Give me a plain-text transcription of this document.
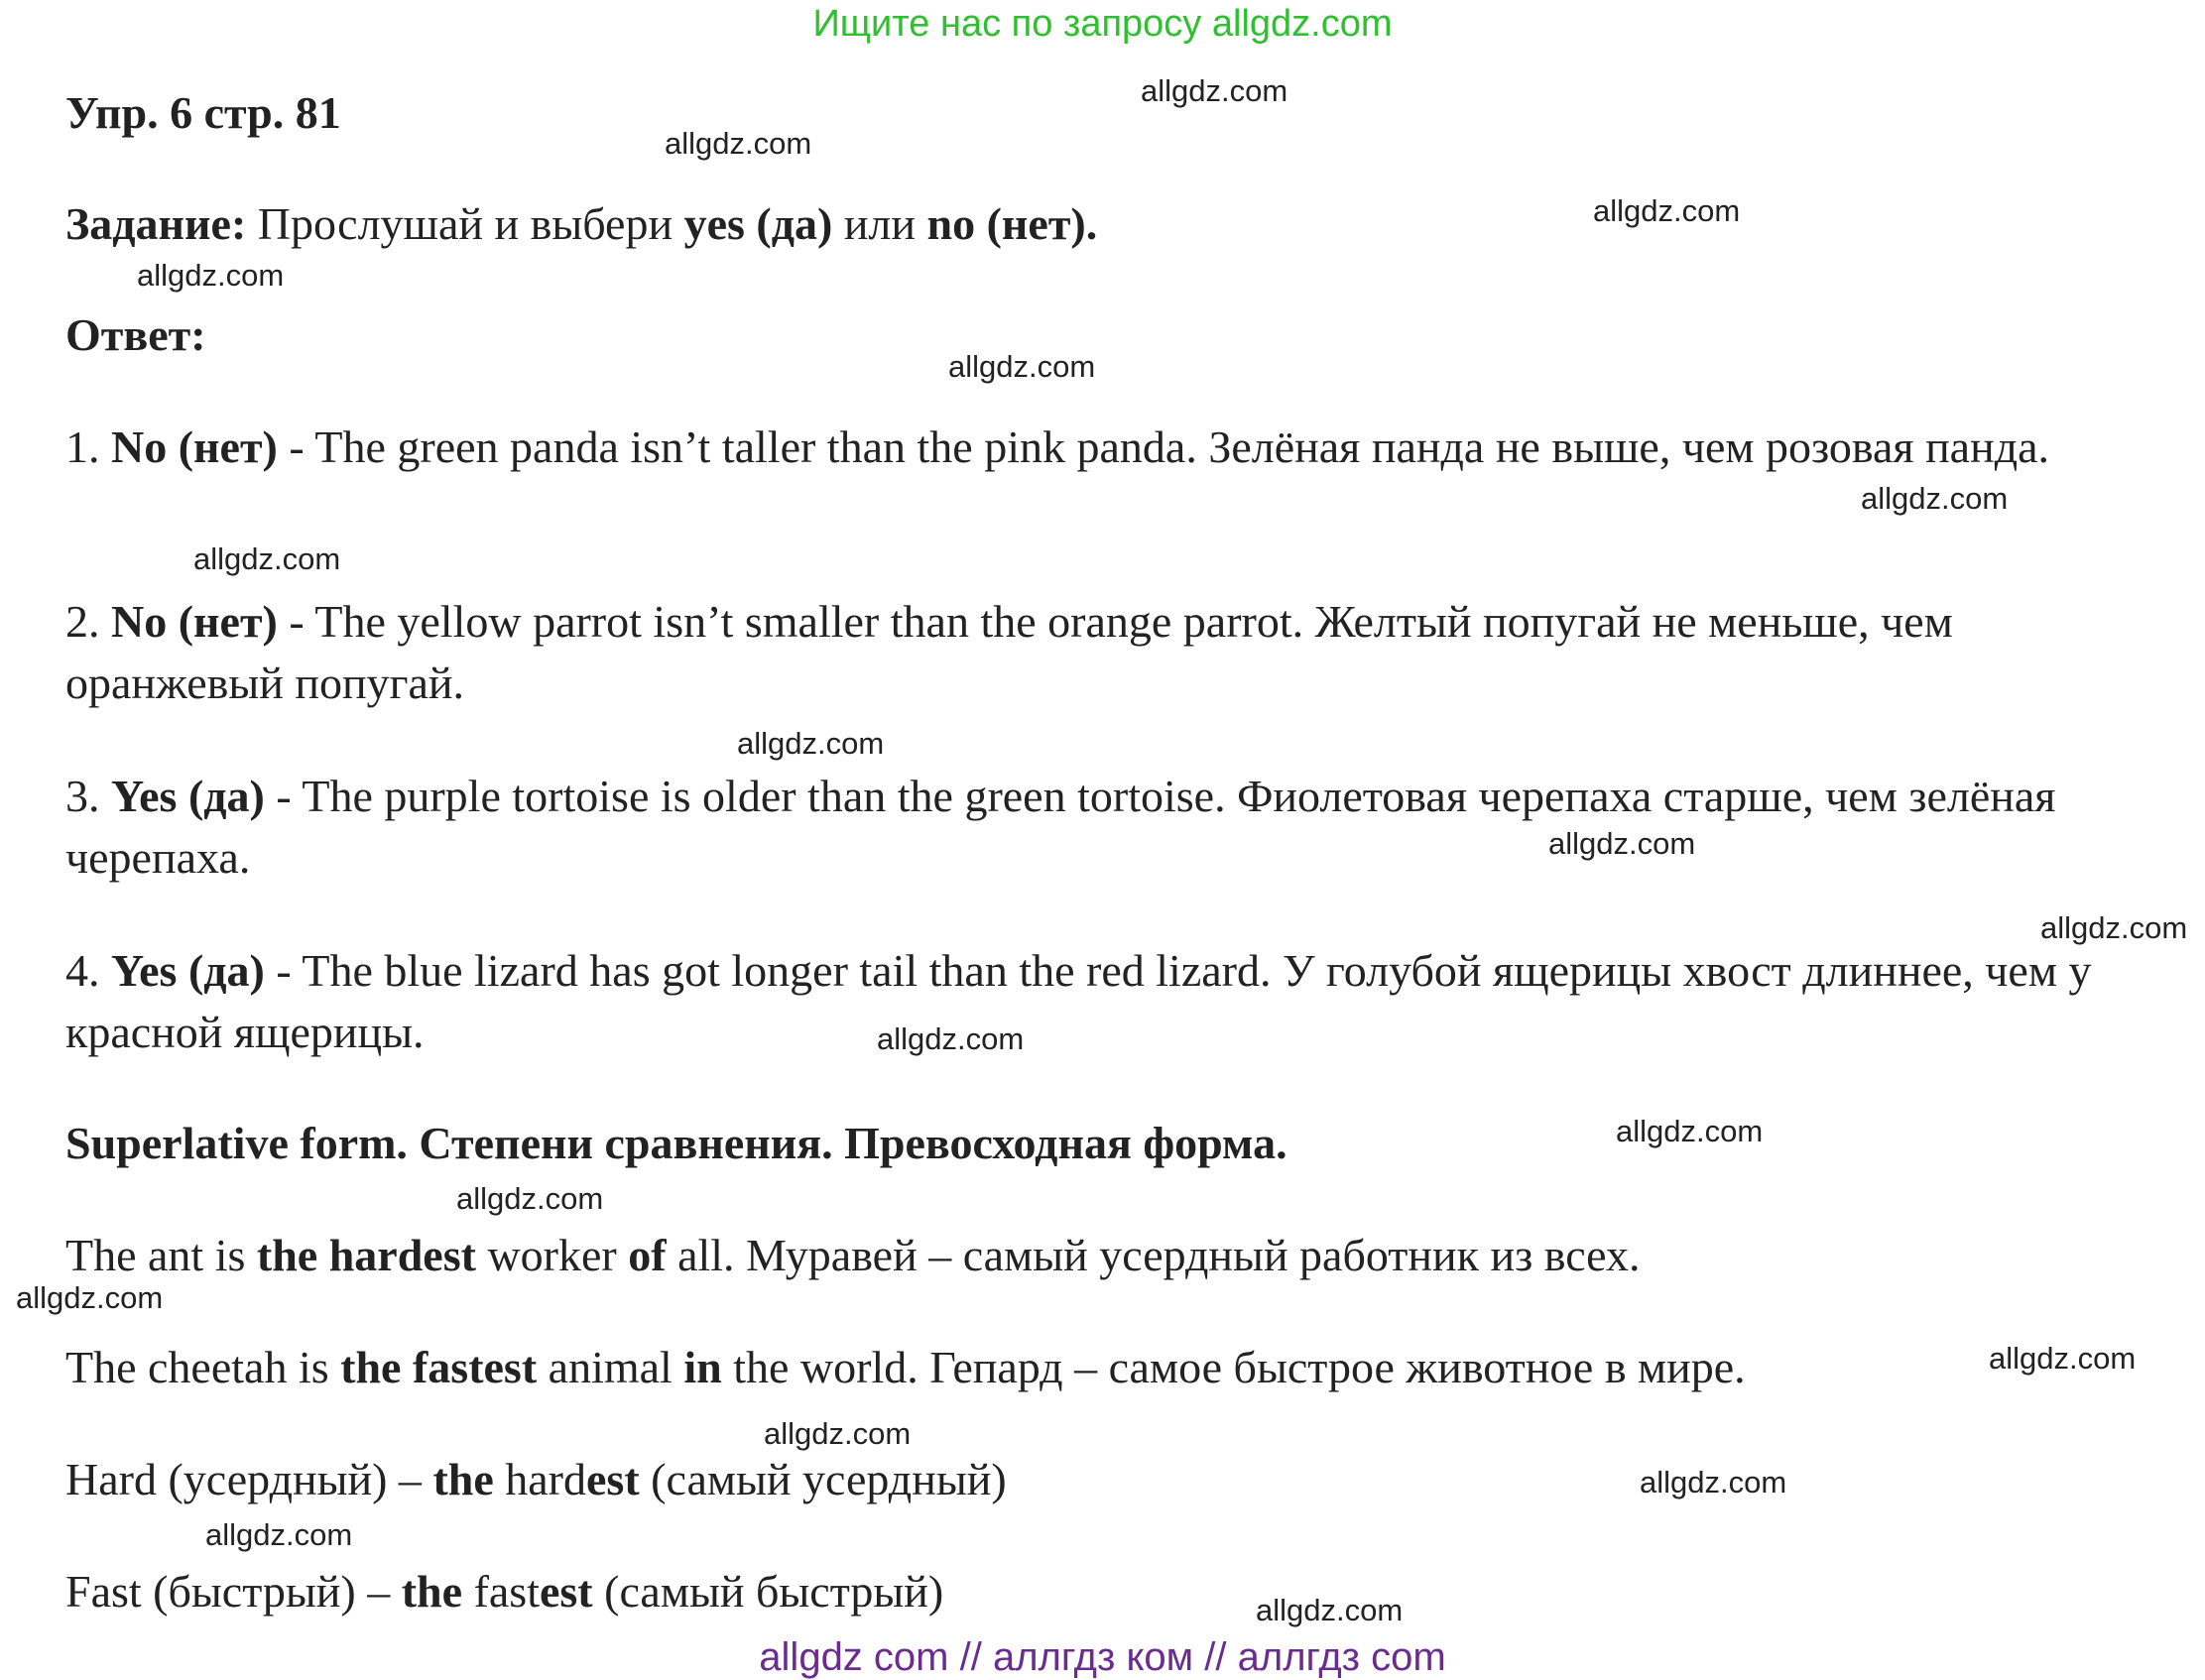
Ищите нас по запросу allgdz.com
Упр. 6 стр. 81
Задание: Прослушай и выбери yes (да) или no (нет).
Ответ:
1. No (нет) - The green panda isn’t taller than the pink panda. Зелёная панда не выше, чем розовая панда.
2. No (нет) - The yellow parrot isn’t smaller than the orange parrot. Желтый попугай не меньше, чем оранжевый попугай.
3. Yes (да) - The purple tortoise is older than the green tortoise. Фиолетовая черепаха старше, чем зелёная черепаха.
4. Yes (да) - The blue lizard has got longer tail than the red lizard. У голубой ящерицы хвост длиннее, чем у красной ящерицы.
Superlative form. Степени сравнения. Превосходная форма.
The ant is the hardest worker of all. Муравей – самый усердный работник из всех.
The cheetah is the fastest animal in the world. Гепард – самое быстрое животное в мире.
Hard (усердный) – the hardest (самый усердный)
Fast (быстрый) – the fastest (самый быстрый)
allgdz.com
allgdz.com
allgdz.com
allgdz.com
allgdz.com
allgdz.com
allgdz.com
allgdz.com
allgdz.com
allgdz.com
allgdz.com
allgdz.com
allgdz.com
allgdz.com
allgdz.com
allgdz.com
allgdz.com
allgdz.com
allgdz.com
allgdz com // аллгдз ком // аллгдз com
